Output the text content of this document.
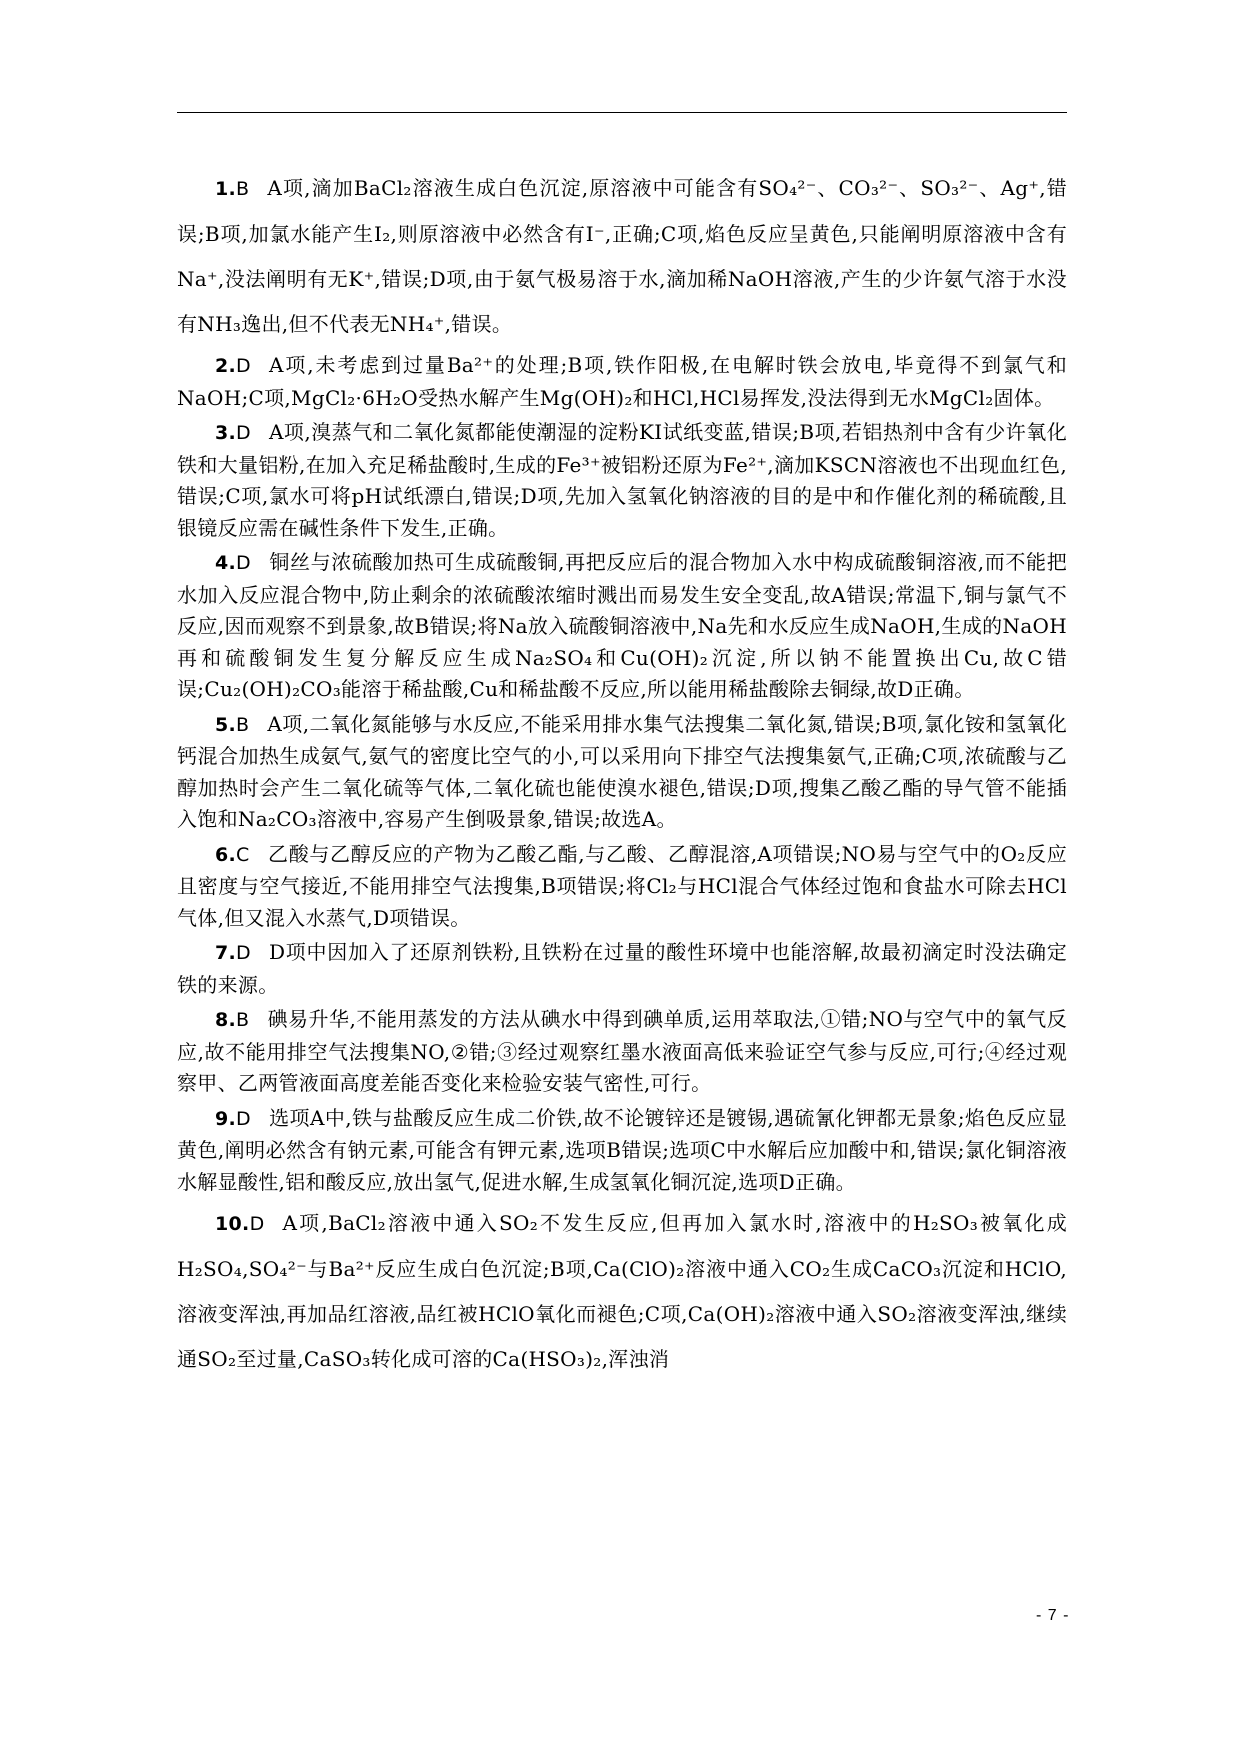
1.B A项,滴加BaCl₂溶液生成白色沉淀,原溶液中可能含有SO₄²⁻、CO₃²⁻、SO₃²⁻、Ag⁺,错误;B项,加氯水能产生I₂,则原溶液中必然含有I⁻,正确;C项,焰色反应呈黄色,只能阐明原溶液中含有Na⁺,没法阐明有无K⁺,错误;D项,由于氨气极易溶于水,滴加稀NaOH溶液,产生的少许氨气溶于水没有NH₃逸出,但不代表无NH₄⁺,错误。

2.D A项,未考虑到过量Ba²⁺的处理;B项,铁作阳极,在电解时铁会放电,毕竟得不到氯气和NaOH;C项,MgCl₂·6H₂O受热水解产生Mg(OH)₂和HCl,HCl易挥发,没法得到无水MgCl₂固体。

3.D A项,溴蒸气和二氧化氮都能使潮湿的淀粉KI试纸变蓝,错误;B项,若铝热剂中含有少许氧化铁和大量铝粉,在加入充足稀盐酸时,生成的Fe³⁺被铝粉还原为Fe²⁺,滴加KSCN溶液也不出现血红色,错误;C项,氯水可将pH试纸漂白,错误;D项,先加入氢氧化钠溶液的目的是中和作催化剂的稀硫酸,且银镜反应需在碱性条件下发生,正确。

4.D 铜丝与浓硫酸加热可生成硫酸铜,再把反应后的混合物加入水中构成硫酸铜溶液,而不能把水加入反应混合物中,防止剩余的浓硫酸浓缩时溅出而易发生安全变乱,故A错误;常温下,铜与氯气不反应,因而观察不到景象,故B错误;将Na放入硫酸铜溶液中,Na先和水反应生成NaOH,生成的NaOH再和硫酸铜发生复分解反应生成Na₂SO₄和Cu(OH)₂沉淀,所以钠不能置换出Cu,故C错误;Cu₂(OH)₂CO₃能溶于稀盐酸,Cu和稀盐酸不反应,所以能用稀盐酸除去铜绿,故D正确。

5.B A项,二氧化氮能够与水反应,不能采用排水集气法搜集二氧化氮,错误;B项,氯化铵和氢氧化钙混合加热生成氨气,氨气的密度比空气的小,可以采用向下排空气法搜集氨气,正确;C项,浓硫酸与乙醇加热时会产生二氧化硫等气体,二氧化硫也能使溴水褪色,错误;D项,搜集乙酸乙酯的导气管不能插入饱和Na₂CO₃溶液中,容易产生倒吸景象,错误;故选A。

6.C 乙酸与乙醇反应的产物为乙酸乙酯,与乙酸、乙醇混溶,A项错误;NO易与空气中的O₂反应且密度与空气接近,不能用排空气法搜集,B项错误;将Cl₂与HCl混合气体经过饱和食盐水可除去HCl气体,但又混入水蒸气,D项错误。

7.D D项中因加入了还原剂铁粉,且铁粉在过量的酸性环境中也能溶解,故最初滴定时没法确定铁的来源。

8.B 碘易升华,不能用蒸发的方法从碘水中得到碘单质,运用萃取法,①错;NO与空气中的氧气反应,故不能用排空气法搜集NO,②错;③经过观察红墨水液面高低来验证空气参与反应,可行;④经过观察甲、乙两管液面高度差能否变化来检验安装气密性,可行。

9.D 选项A中,铁与盐酸反应生成二价铁,故不论镀锌还是镀锡,遇硫氰化钾都无景象;焰色反应显黄色,阐明必然含有钠元素,可能含有钾元素,选项B错误;选项C中水解后应加酸中和,错误;氯化铜溶液水解显酸性,铝和酸反应,放出氢气,促进水解,生成氢氧化铜沉淀,选项D正确。

10.D A项,BaCl₂溶液中通入SO₂不发生反应,但再加入氯水时,溶液中的H₂SO₃被氧化成H₂SO₄,SO₄²⁻与Ba²⁺反应生成白色沉淀;B项,Ca(ClO)₂溶液中通入CO₂生成CaCO₃沉淀和HClO,溶液变浑浊,再加品红溶液,品红被HClO氧化而褪色;C项,Ca(OH)₂溶液中通入SO₂溶液变浑浊,继续通SO₂至过量,CaSO₃转化成可溶的Ca(HSO₃)₂,浑浊消

- 7 -
